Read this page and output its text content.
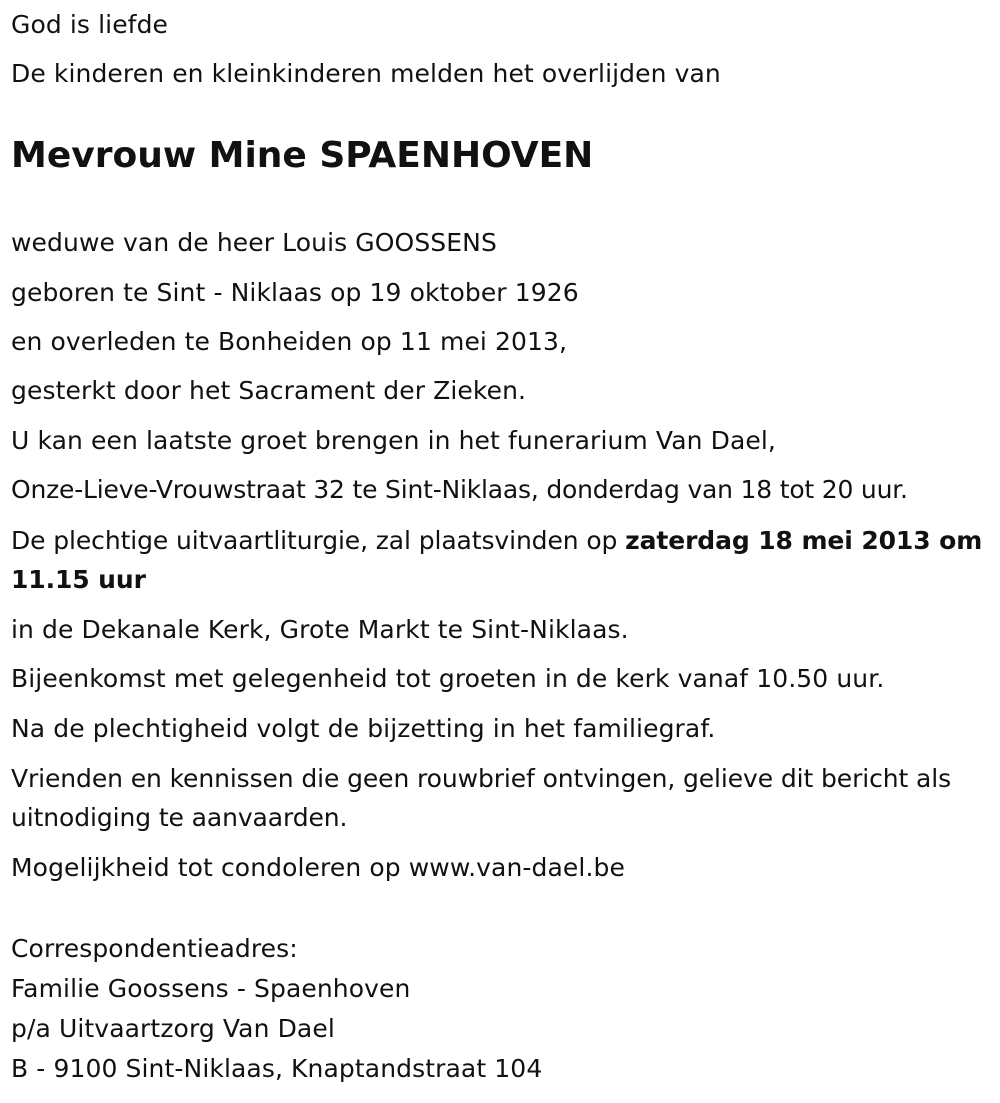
God is liefde

De kinderen en kleinkinderen melden het overlijden van

Mevrouw Mine SPAENHOVEN

weduwe van de heer Louis GOOSSENS

geboren te Sint - Niklaas op 19 oktober 1926

en overleden te Bonheiden op 11 mei 2013,

gesterkt door het Sacrament der Zieken.

U kan een laatste groet brengen in het funerarium Van Dael,

Onze-Lieve-Vrouwstraat 32 te Sint-Niklaas, donderdag van 18 tot 20 uur.

De plechtige uitvaartliturgie, zal plaatsvinden op zaterdag 18 mei 2013 om 11.15 uur

in de Dekanale Kerk, Grote Markt te Sint-Niklaas.

Bijeenkomst met gelegenheid tot groeten in de kerk vanaf 10.50 uur.

Na de plechtigheid volgt de bijzetting in het familiegraf.

Vrienden en kennissen die geen rouwbrief ontvingen, gelieve dit bericht als uitnodiging te aanvaarden.

Mogelijkheid tot condoleren op www.van-dael.be

Correspondentieadres:

Familie Goossens - Spaenhoven

p/a Uitvaartzorg Van Dael

B - 9100 Sint-Niklaas, Knaptandstraat 104
